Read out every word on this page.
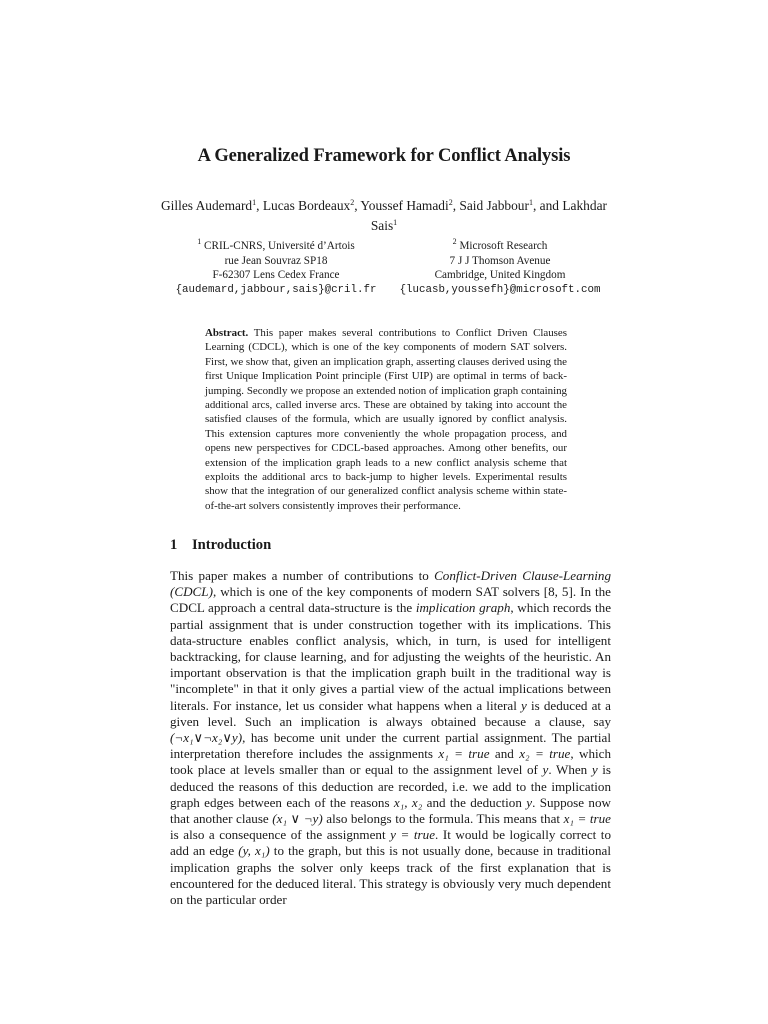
A Generalized Framework for Conflict Analysis
Gilles Audemard$^1$, Lucas Bordeaux$^2$, Youssef Hamadi$^2$, Said Jabbour$^1$, and Lakhdar
Sais$^1$
$^1$ CRIL-CNRS, Université d’Artois
rue Jean Souvraz SP18
F-62307 Lens Cedex France
{audemard,jabbour,sais}@cril.fr
$^2$ Microsoft Research
7 J J Thomson Avenue
Cambridge, United Kingdom
{lucasb,youssefh}@microsoft.com
Abstract. This paper makes several contributions to Conflict Driven Clauses Learning (CDCL), which is one of the key components of modern SAT solvers. First, we show that, given an implication graph, asserting clauses derived using the first Unique Implication Point principle (First UIP) are optimal in terms of back-jumping. Secondly we propose an extended notion of implication graph containing additional arcs, called inverse arcs. These are obtained by taking into account the satisfied clauses of the formula, which are usually ignored by conflict analysis. This extension captures more conveniently the whole propagation process, and opens new perspectives for CDCL-based approaches. Among other benefits, our extension of the implication graph leads to a new conflict analysis scheme that exploits the additional arcs to back-jump to higher levels. Experimental results show that the integration of our generalized conflict analysis scheme within state-of-the-art solvers consistently improves their performance.
1 Introduction
This paper makes a number of contributions to Conflict-Driven Clause-Learning (CDCL), which is one of the key components of modern SAT solvers [8, 5]. In the CDCL approach a central data-structure is the implication graph, which records the partial assignment that is under construction together with its implications. This data-structure enables conflict analysis, which, in turn, is used for intelligent backtracking, for clause learning, and for adjusting the weights of the heuristic. An important observation is that the implication graph built in the traditional way is "incomplete" in that it only gives a partial view of the actual implications between literals. For instance, let us consider what happens when a literal y is deduced at a given level. Such an implication is always obtained because a clause, say (¬x₁∨¬x₂∨y), has become unit under the current partial assignment. The partial interpretation therefore includes the assignments x₁ = true and x₂ = true, which took place at levels smaller than or equal to the assignment level of y. When y is deduced the reasons of this deduction are recorded, i.e. we add to the implication graph edges between each of the reasons x₁, x₂ and the deduction y. Suppose now that another clause (x₁ ∨ ¬y) also belongs to the formula. This means that x₁ = true is also a consequence of the assignment y = true. It would be logically correct to add an edge (y, x₁) to the graph, but this is not usually done, because in traditional implication graphs the solver only keeps track of the first explanation that is encountered for the deduced literal. This strategy is obviously very much dependent on the particular order
